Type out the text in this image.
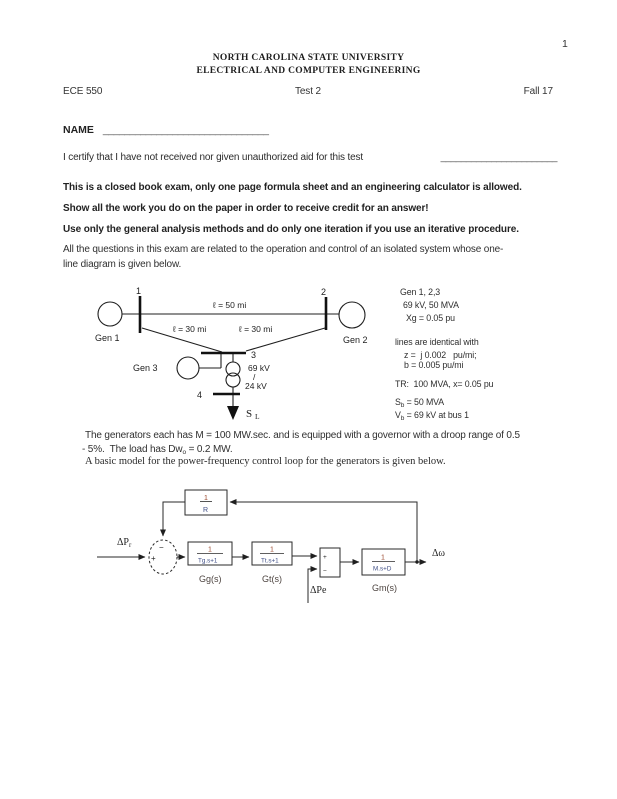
1
NORTH CAROLINA STATE UNIVERSITY
ELECTRICAL AND COMPUTER ENGINEERING
ECE 550	Test 2	Fall 17
NAME _______________________________
I certify that I have not received nor given unauthorized aid for this test	_______________________
This is a closed book exam, only one page formula sheet and an engineering calculator is allowed.
Show all the work you do on the paper in order to receive credit for an answer!
Use only the general analysis methods and do only one iteration if you use an iterative procedure.
All the questions in this exam are related to the operation and control of an isolated system whose one-
line diagram is given below.
1	2
3
4
Gen 1	Gen 2
Gen 3
ℓ = 50 mi
ℓ = 30 mi	ℓ = 30 mi
69 kV
/
24 kV
S L
Gen 1, 2,3
69 kV, 50 MVA
Xg = 0.05 pu
lines are identical with
z =  j 0.002   pu/mi;
b = 0.005 pu/mi
TR:  100 MVA, x= 0.05 pu
$S_b = 50$ MVA
$V_b = 69$ kV at bus 1
The generators each has M = 100 MW.sec. and is equipped with a governor with a droop range of 0.5
- 5%.  The load has $Dw_o = 0.2$ MW.
A basic model for the power-frequency control loop for the generators is given below.
+
−
+
−
1
R
1
Tg.s+1
Gg(s)
1
Tt.s+1
Gt(s)
1
M.s+D
Gm(s)
$\Delta P_r$
ΔPe
Δω
